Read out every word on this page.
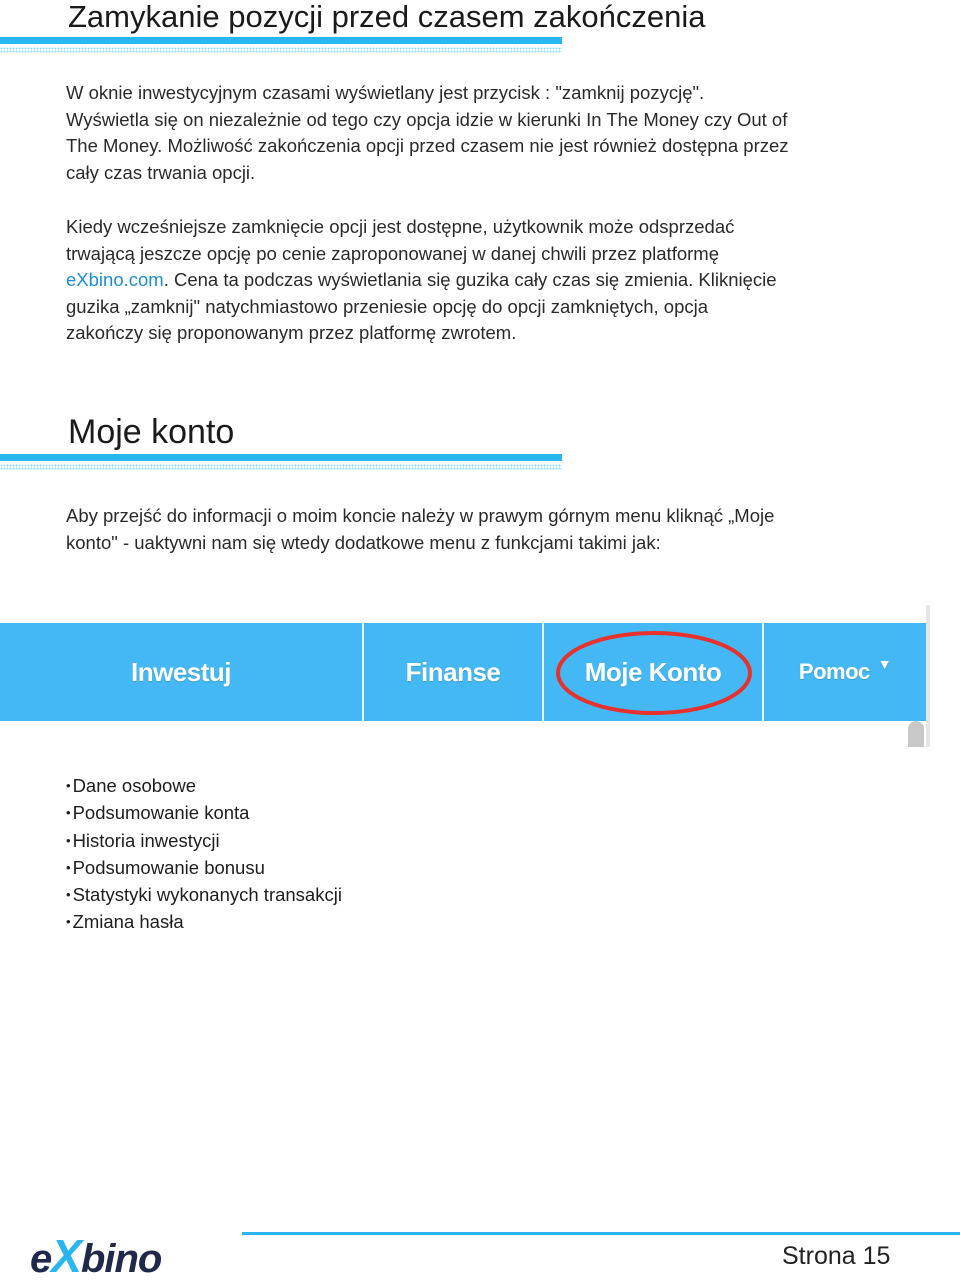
Zamykanie pozycji przed czasem zakończenia

W oknie inwestycyjnym czasami wyświetlany jest przycisk : "zamknij pozycję".
Wyświetla się on niezależnie od tego czy opcja idzie w kierunki In The Money czy Out of
The Money. Możliwość zakończenia opcji przed czasem nie jest również dostępna przez
cały czas trwania opcji.

Kiedy wcześniejsze zamknięcie opcji jest dostępne, użytkownik może odsprzedać
trwającą jeszcze opcję po cenie zaproponowanej w danej chwili przez platformę
eXbino.com. Cena ta podczas wyświetlania się guzika cały czas się zmienia. Kliknięcie
guzika „zamknij" natychmiastowo przeniesie opcję do opcji zamkniętych, opcja
zakończy się proponowanym przez platformę zwrotem.

Moje konto

Aby przejść do informacji o moim koncie należy w prawym górnym menu kliknąć „Moje
konto" - uaktywni nam się wtedy dodatkowe menu z funkcjami takimi jak:

Inwestuj	Finanse	Moje Konto	Pomoc ▼
• Dane osobowe
• Podsumowanie konta
• Historia inwestycji
• Podsumowanie bonusu
• Statystyki wykonanych transakcji
• Zmiana hasła
eXbino	Strona 15
